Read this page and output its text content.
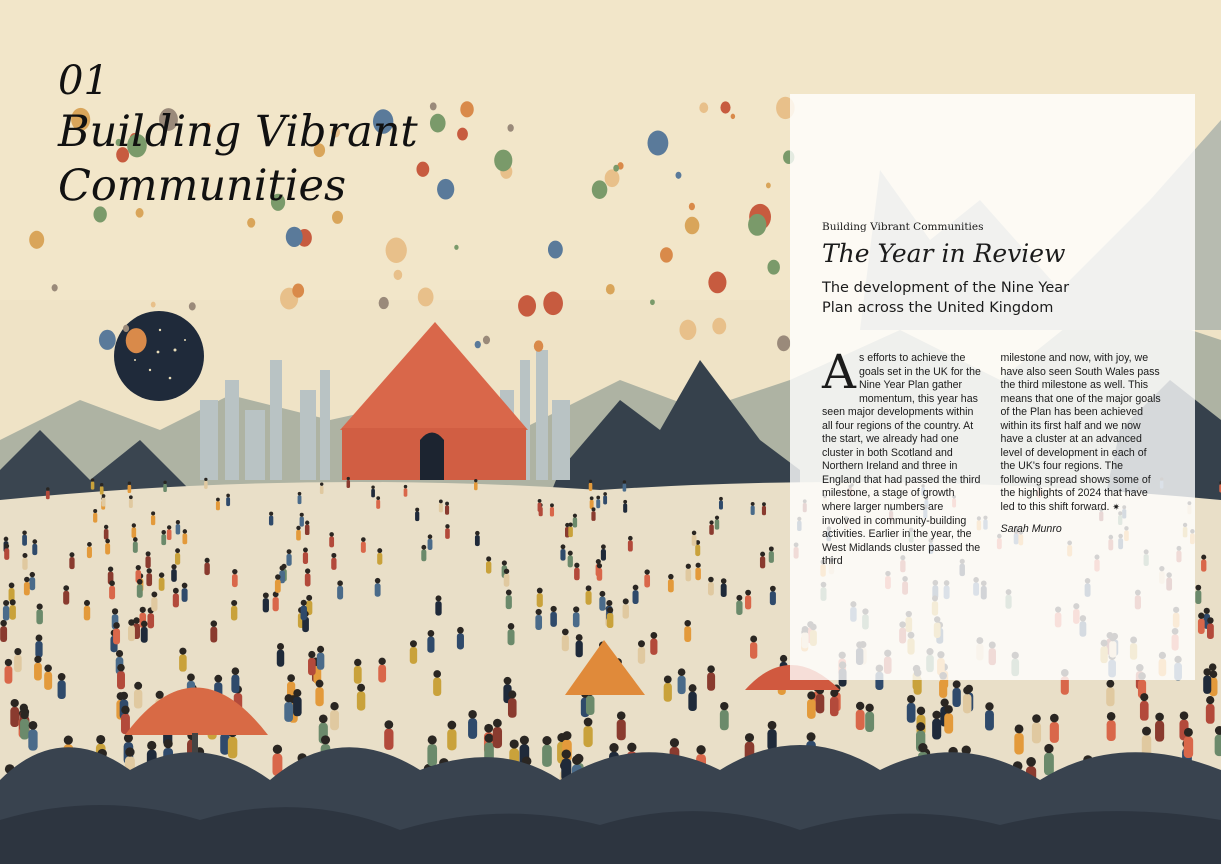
01
Building Vibrant Communities
Building Vibrant Communities
The Year in Review
The development of the Nine Year Plan across the United Kingdom
As efforts to achieve the goals set in the UK for the Nine Year Plan gather momentum, this year has seen major developments within all four regions of the country. At the start, we already had one cluster in both Scotland and Northern Ireland and three in England that had passed the third milestone, a stage of growth where larger numbers are involved in community-building activities. Earlier in the year, the West Midlands cluster passed the third
milestone and now, with joy, we have also seen South Wales pass the third milestone as well. This means that one of the major goals of the Plan has been achieved within its first half and we now have a cluster at an advanced level of development in each of the UK's four regions. The following spread shows some of the highlights of 2024 that have led to this shift forward. ✷
Sarah Munro
